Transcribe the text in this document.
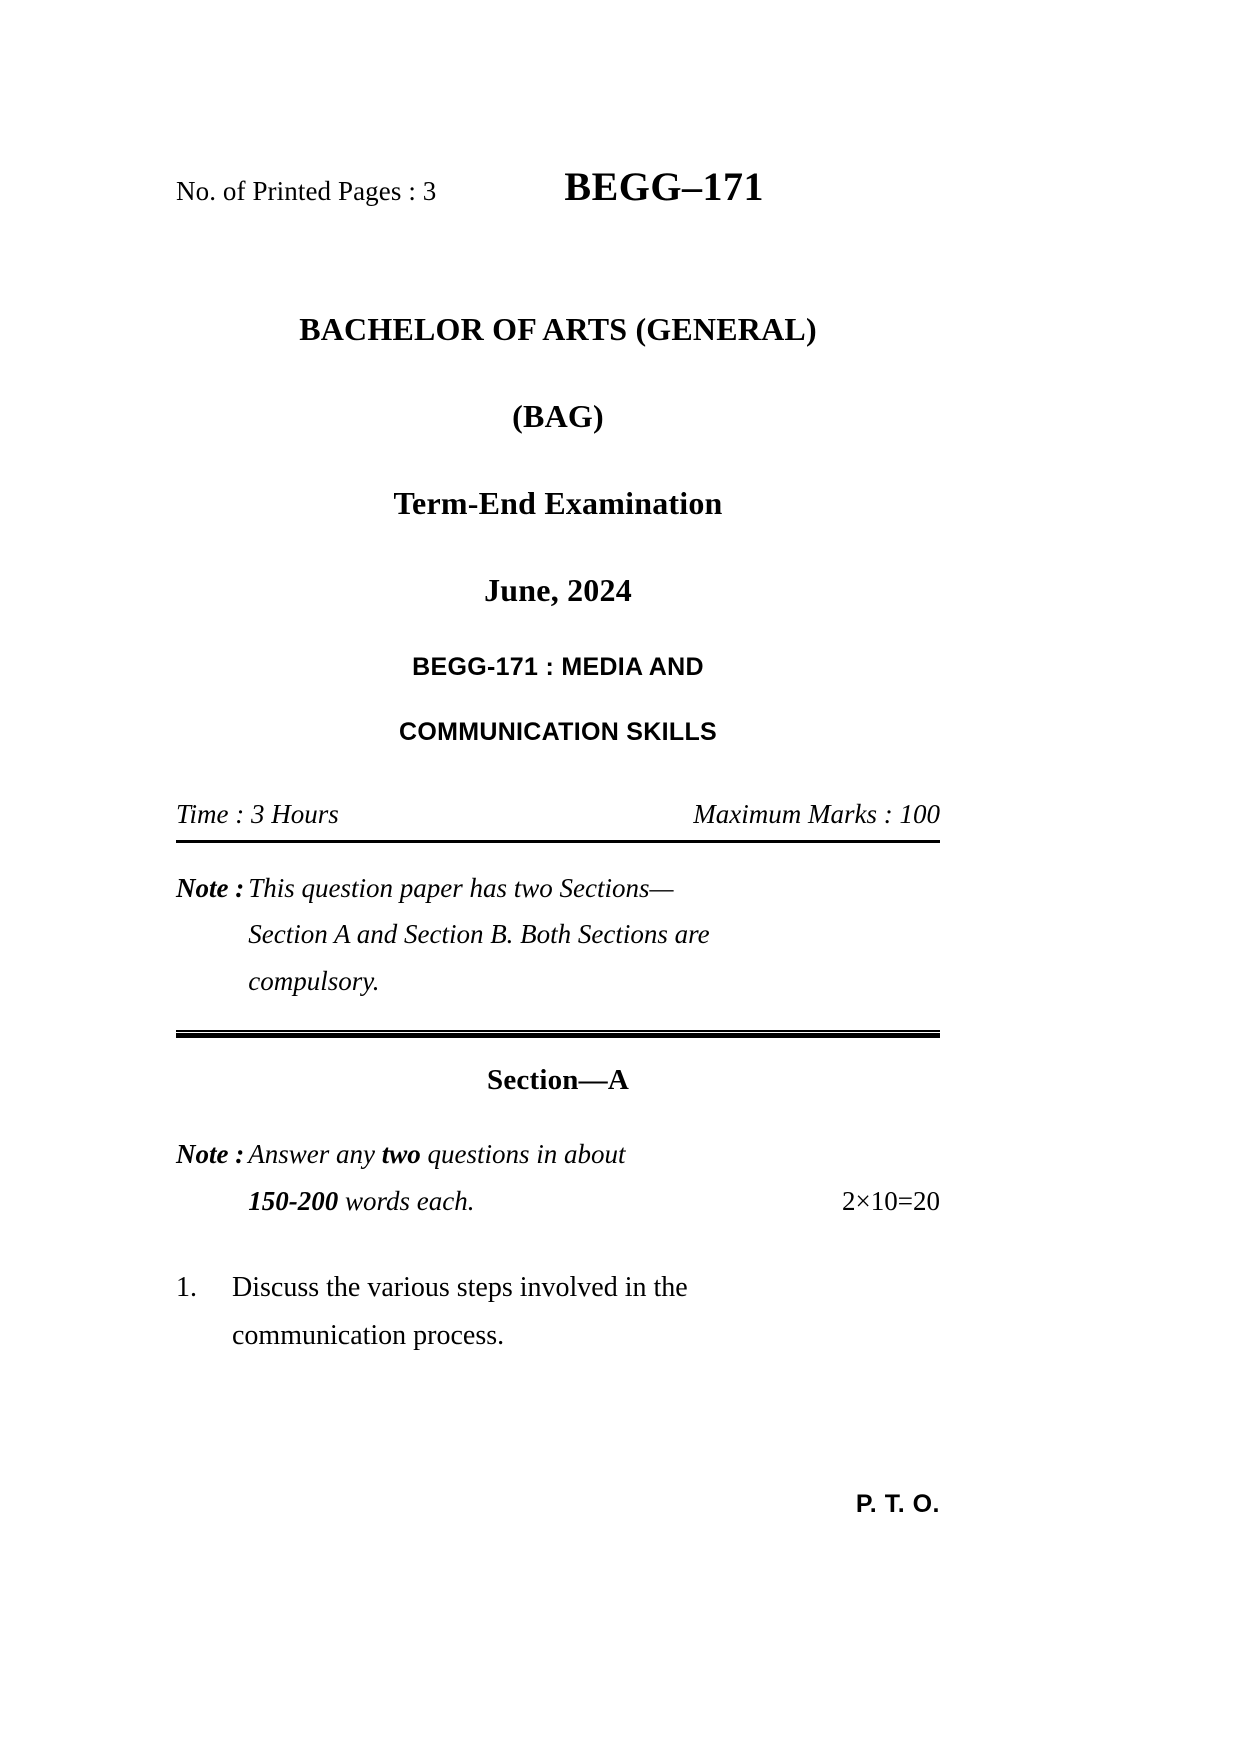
No. of Printed Pages : 3	BEGG–171
BACHELOR OF ARTS (GENERAL)
(BAG)
Term-End Examination
June, 2024
BEGG-171 : MEDIA AND
COMMUNICATION SKILLS
Time : 3 Hours	Maximum Marks : 100
Note : This question paper has two Sections—
Section A and Section B. Both Sections are
compulsory.
Section—A
Note : Answer any two questions in about
150-200 words each.	2×10=20
1.	Discuss the various steps involved in the
communication process.
P. T. O.
